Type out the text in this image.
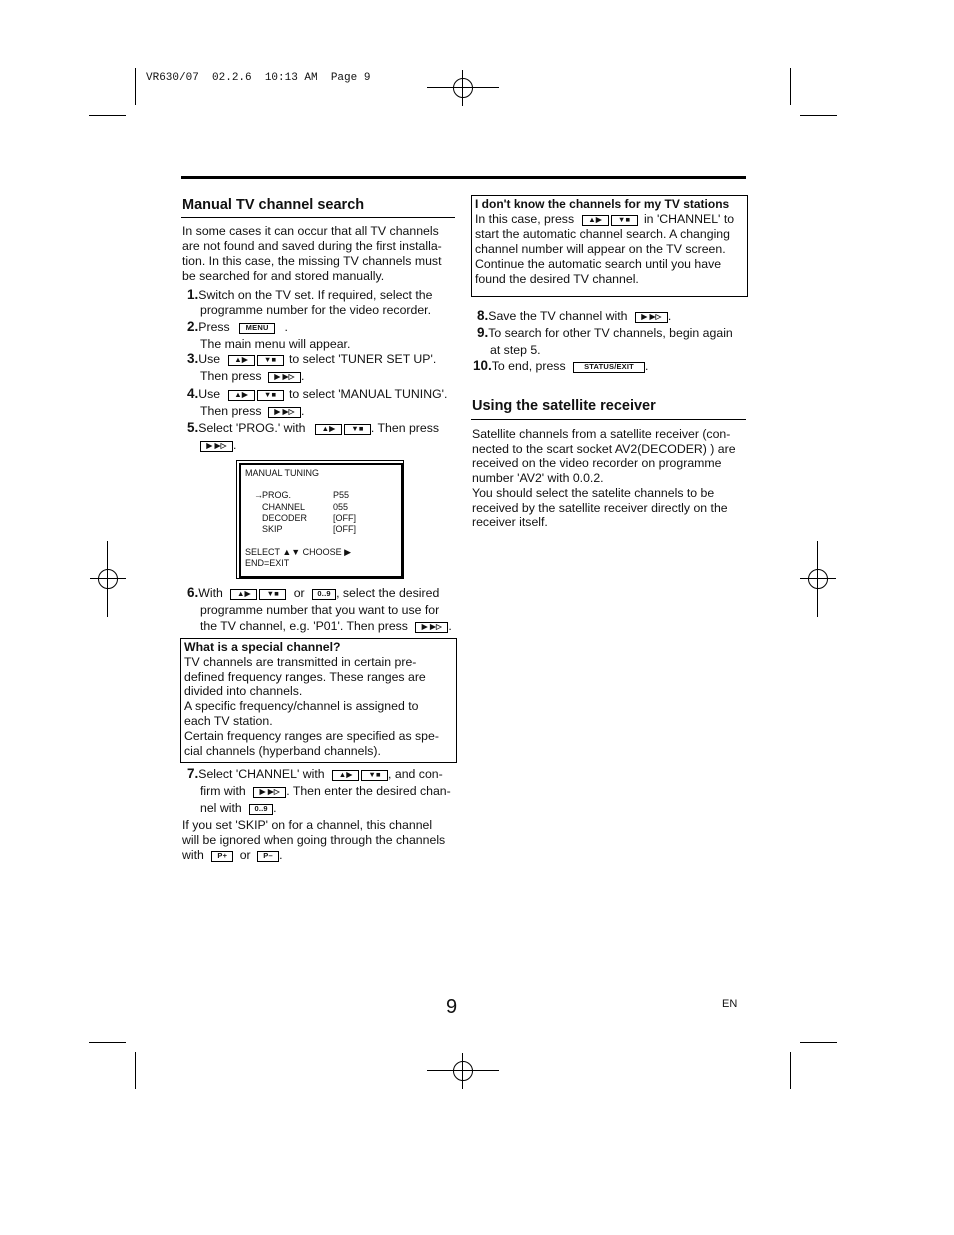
VR630/07  02.2.6  10:13 AM  Page 9
Manual TV channel search
In some cases it can occur that all TV channels
are not found and saved during the first installa-
tion. In this case, the missing TV channels must
be searched for and stored manually.
1.Switch on the TV set. If required, select the
programme number for the video recorder.
2.Press MENU .
The main menu will appear.
3.Use ▲▶ ▼■ to select 'TUNER SET UP'.
Then press ▶ ▶▷ .
4.Use ▲▶ ▼■ to select 'MANUAL TUNING'.
Then press ▶ ▶▷ .
5.Select 'PROG.' with ▲▶ ▼■ . Then press
▶ ▶▷ .
MANUAL TUNING
→ PROG.	P55
CHANNEL	055
DECODER	[OFF]
SKIP	[OFF]
SELECT ▲▼ CHOOSE ▶
END=EXIT
6.With ▲▶ ▼■ or 0..9 , select the desired
programme number that you want to use for
the TV channel, e.g. 'P01'. Then press ▶ ▶▷ .
What is a special channel?
TV channels are transmitted in certain pre-
defined frequency ranges. These ranges are
divided into channels.
A specific frequency/channel is assigned to
each TV station.
Certain frequency ranges are specified as spe-
cial channels (hyperband channels).
7.Select 'CHANNEL' with ▲▶ ▼■ , and con-
firm with ▶ ▶▷ . Then enter the desired chan-
nel with 0..9 .
If you set 'SKIP' on for a channel, this channel
will be ignored when going through the channels
with P+ or P– .
I don't know the channels for my TV stations
In this case, press ▲▶ ▼■ in 'CHANNEL' to
start the automatic channel search. A changing
channel number will appear on the TV screen.
Continue the automatic search until you have
found the desired TV channel.
8.Save the TV channel with ▶ ▶▷ .
9.To search for other TV channels, begin again
at step 5.
10.To end, press STATUS/EXIT .
Using the satellite receiver
Satellite channels from a satellite receiver (con-
nected to the scart socket AV2(DECODER) ) are
received on the video recorder on programme
number 'AV2' with 0.0.2.
You should select the satelite channels to be
received by the satellite receiver directly on the
receiver itself.
9	EN
